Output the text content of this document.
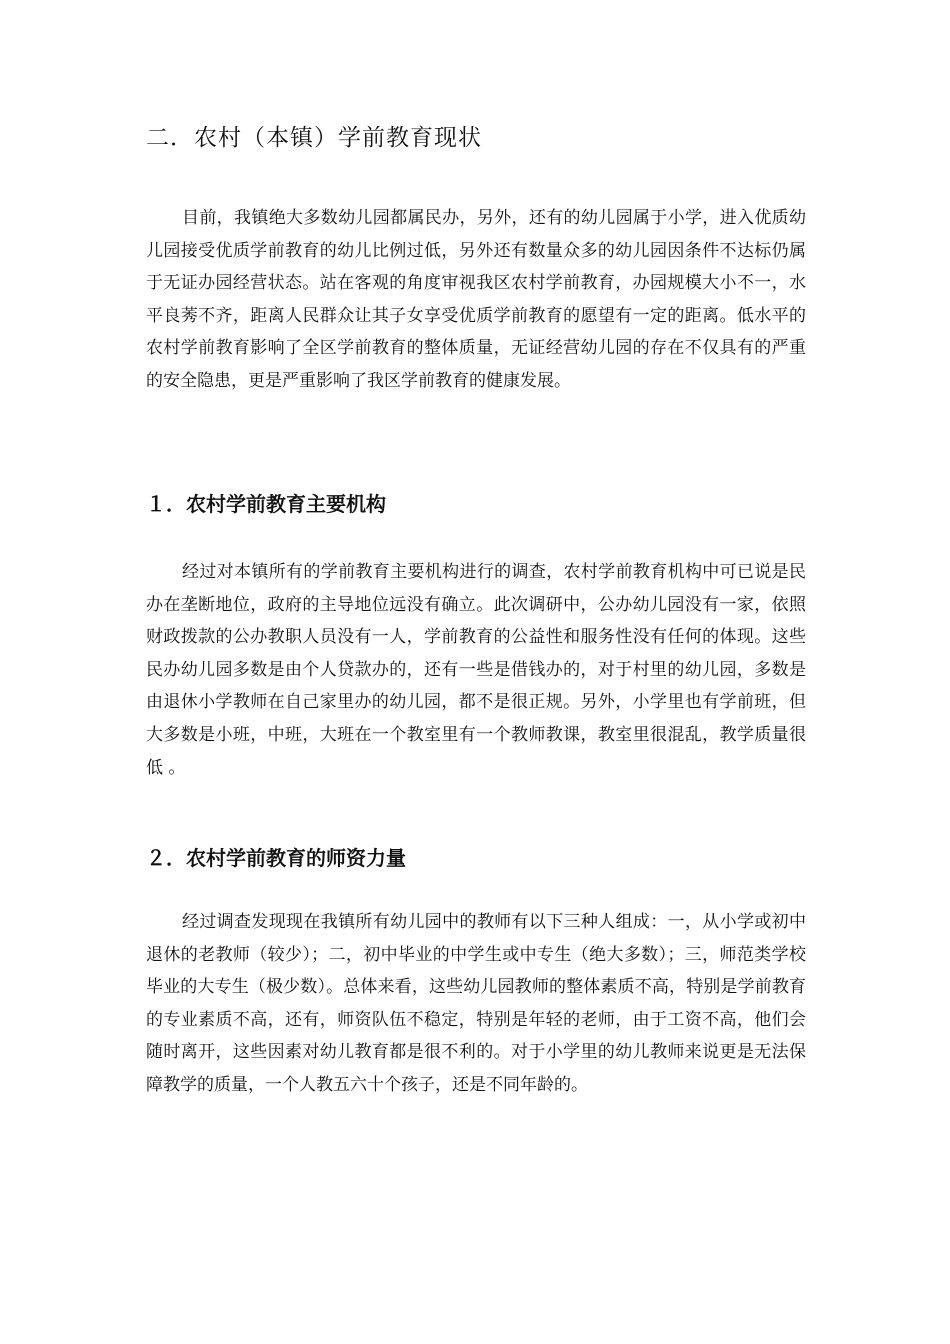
二．农村（本镇）学前教育现状

目前，我镇绝大多数幼儿园都属民办，另外，还有的幼儿园属于小学，进入优质幼儿园接受优质学前教育的幼儿比例过低，另外还有数量众多的幼儿园因条件不达标仍属于无证办园经营状态。站在客观的角度审视我区农村学前教育，办园规模大小不一，水平良莠不齐，距离人民群众让其子女享受优质学前教育的愿望有一定的距离。低水平的农村学前教育影响了全区学前教育的整体质量，无证经营幼儿园的存在不仅具有的严重的安全隐患，更是严重影响了我区学前教育的健康发展。

１．农村学前教育主要机构

经过对本镇所有的学前教育主要机构进行的调查，农村学前教育机构中可已说是民办在垄断地位，政府的主导地位远没有确立。此次调研中，公办幼儿园没有一家，依照财政拨款的公办教职人员没有一人，学前教育的公益性和服务性没有任何的体现。这些民办幼儿园多数是由个人贷款办的，还有一些是借钱办的，对于村里的幼儿园，多数是由退休小学教师在自己家里办的幼儿园，都不是很正规。另外，小学里也有学前班，但大多数是小班，中班，大班在一个教室里有一个教师教课，教室里很混乱，教学质量很低 。

２．农村学前教育的师资力量

经过调查发现现在我镇所有幼儿园中的教师有以下三种人组成：一，从小学或初中退休的老教师（较少）；二，初中毕业的中学生或中专生（绝大多数）；三，师范类学校毕业的大专生（极少数）。总体来看，这些幼儿园教师的整体素质不高，特别是学前教育的专业素质不高，还有，师资队伍不稳定，特别是年轻的老师，由于工资不高，他们会随时离开，这些因素对幼儿教育都是很不利的。对于小学里的幼儿教师来说更是无法保障教学的质量，一个人教五六十个孩子，还是不同年龄的。
